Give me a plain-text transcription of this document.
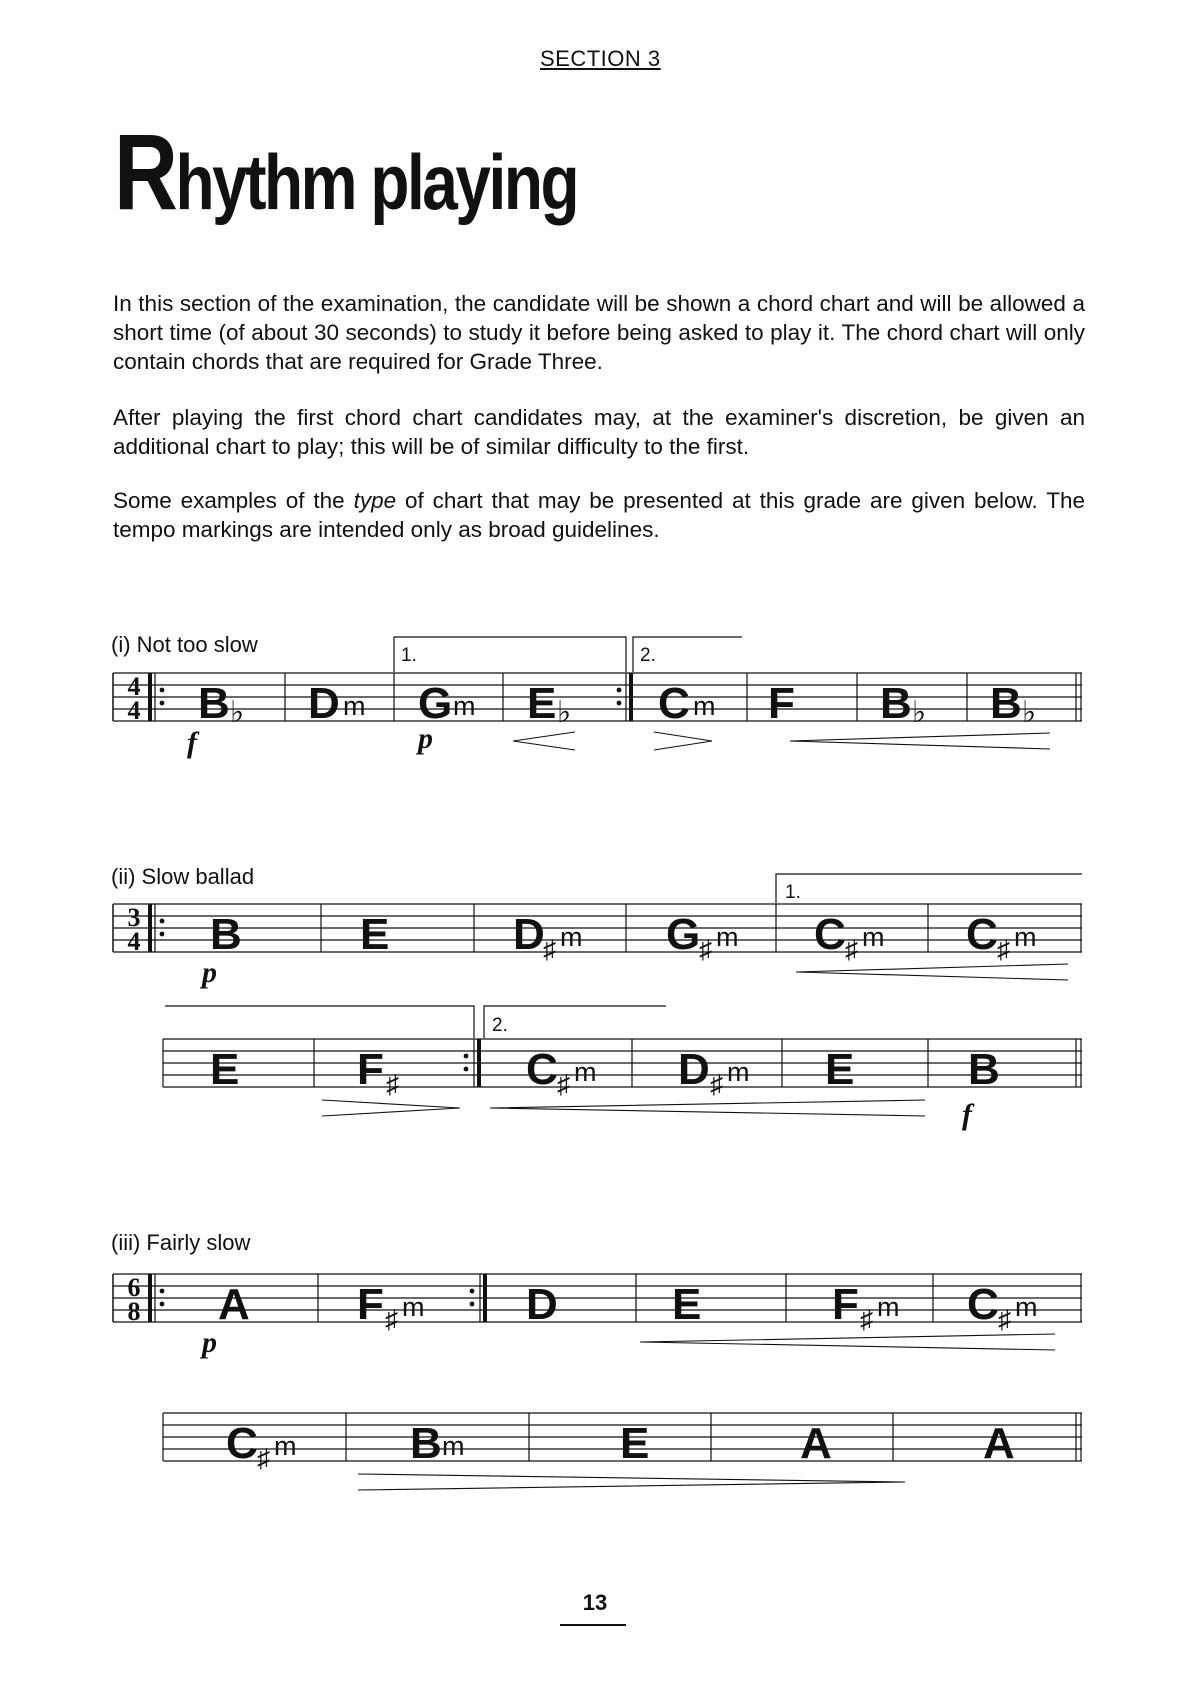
SECTION 3
Rhythm playing
In this section of the examination, the candidate will be shown a chord chart and will be allowed a short time (of about 30 seconds) to study it before being asked to play it. The chord chart will only contain chords that are required for Grade Three.
After playing the first chord chart candidates may, at the examiner's discretion, be given an additional chart to play; this will be of similar difficulty to the first.
Some examples of the type of chart that may be presented at this grade are given below. The tempo markings are intended only as broad guidelines.
(i) Not too slow
(ii) Slow ballad
(iii) Fairly slow
4
4
1.	2.
B ♭ D m G m E ♭ C m F B ♭ B ♭
f	p
3
4
1.
B	E	D
♯ m G
♯ m C ♯ m C ♯ m
p
2.
E	F ♯	C ♯ m D ♯ m E	B
f
6
8 A F ♯ m D	E	F ♯ m C ♯ m
p
C ♯ m	B m	E	A	A
13
